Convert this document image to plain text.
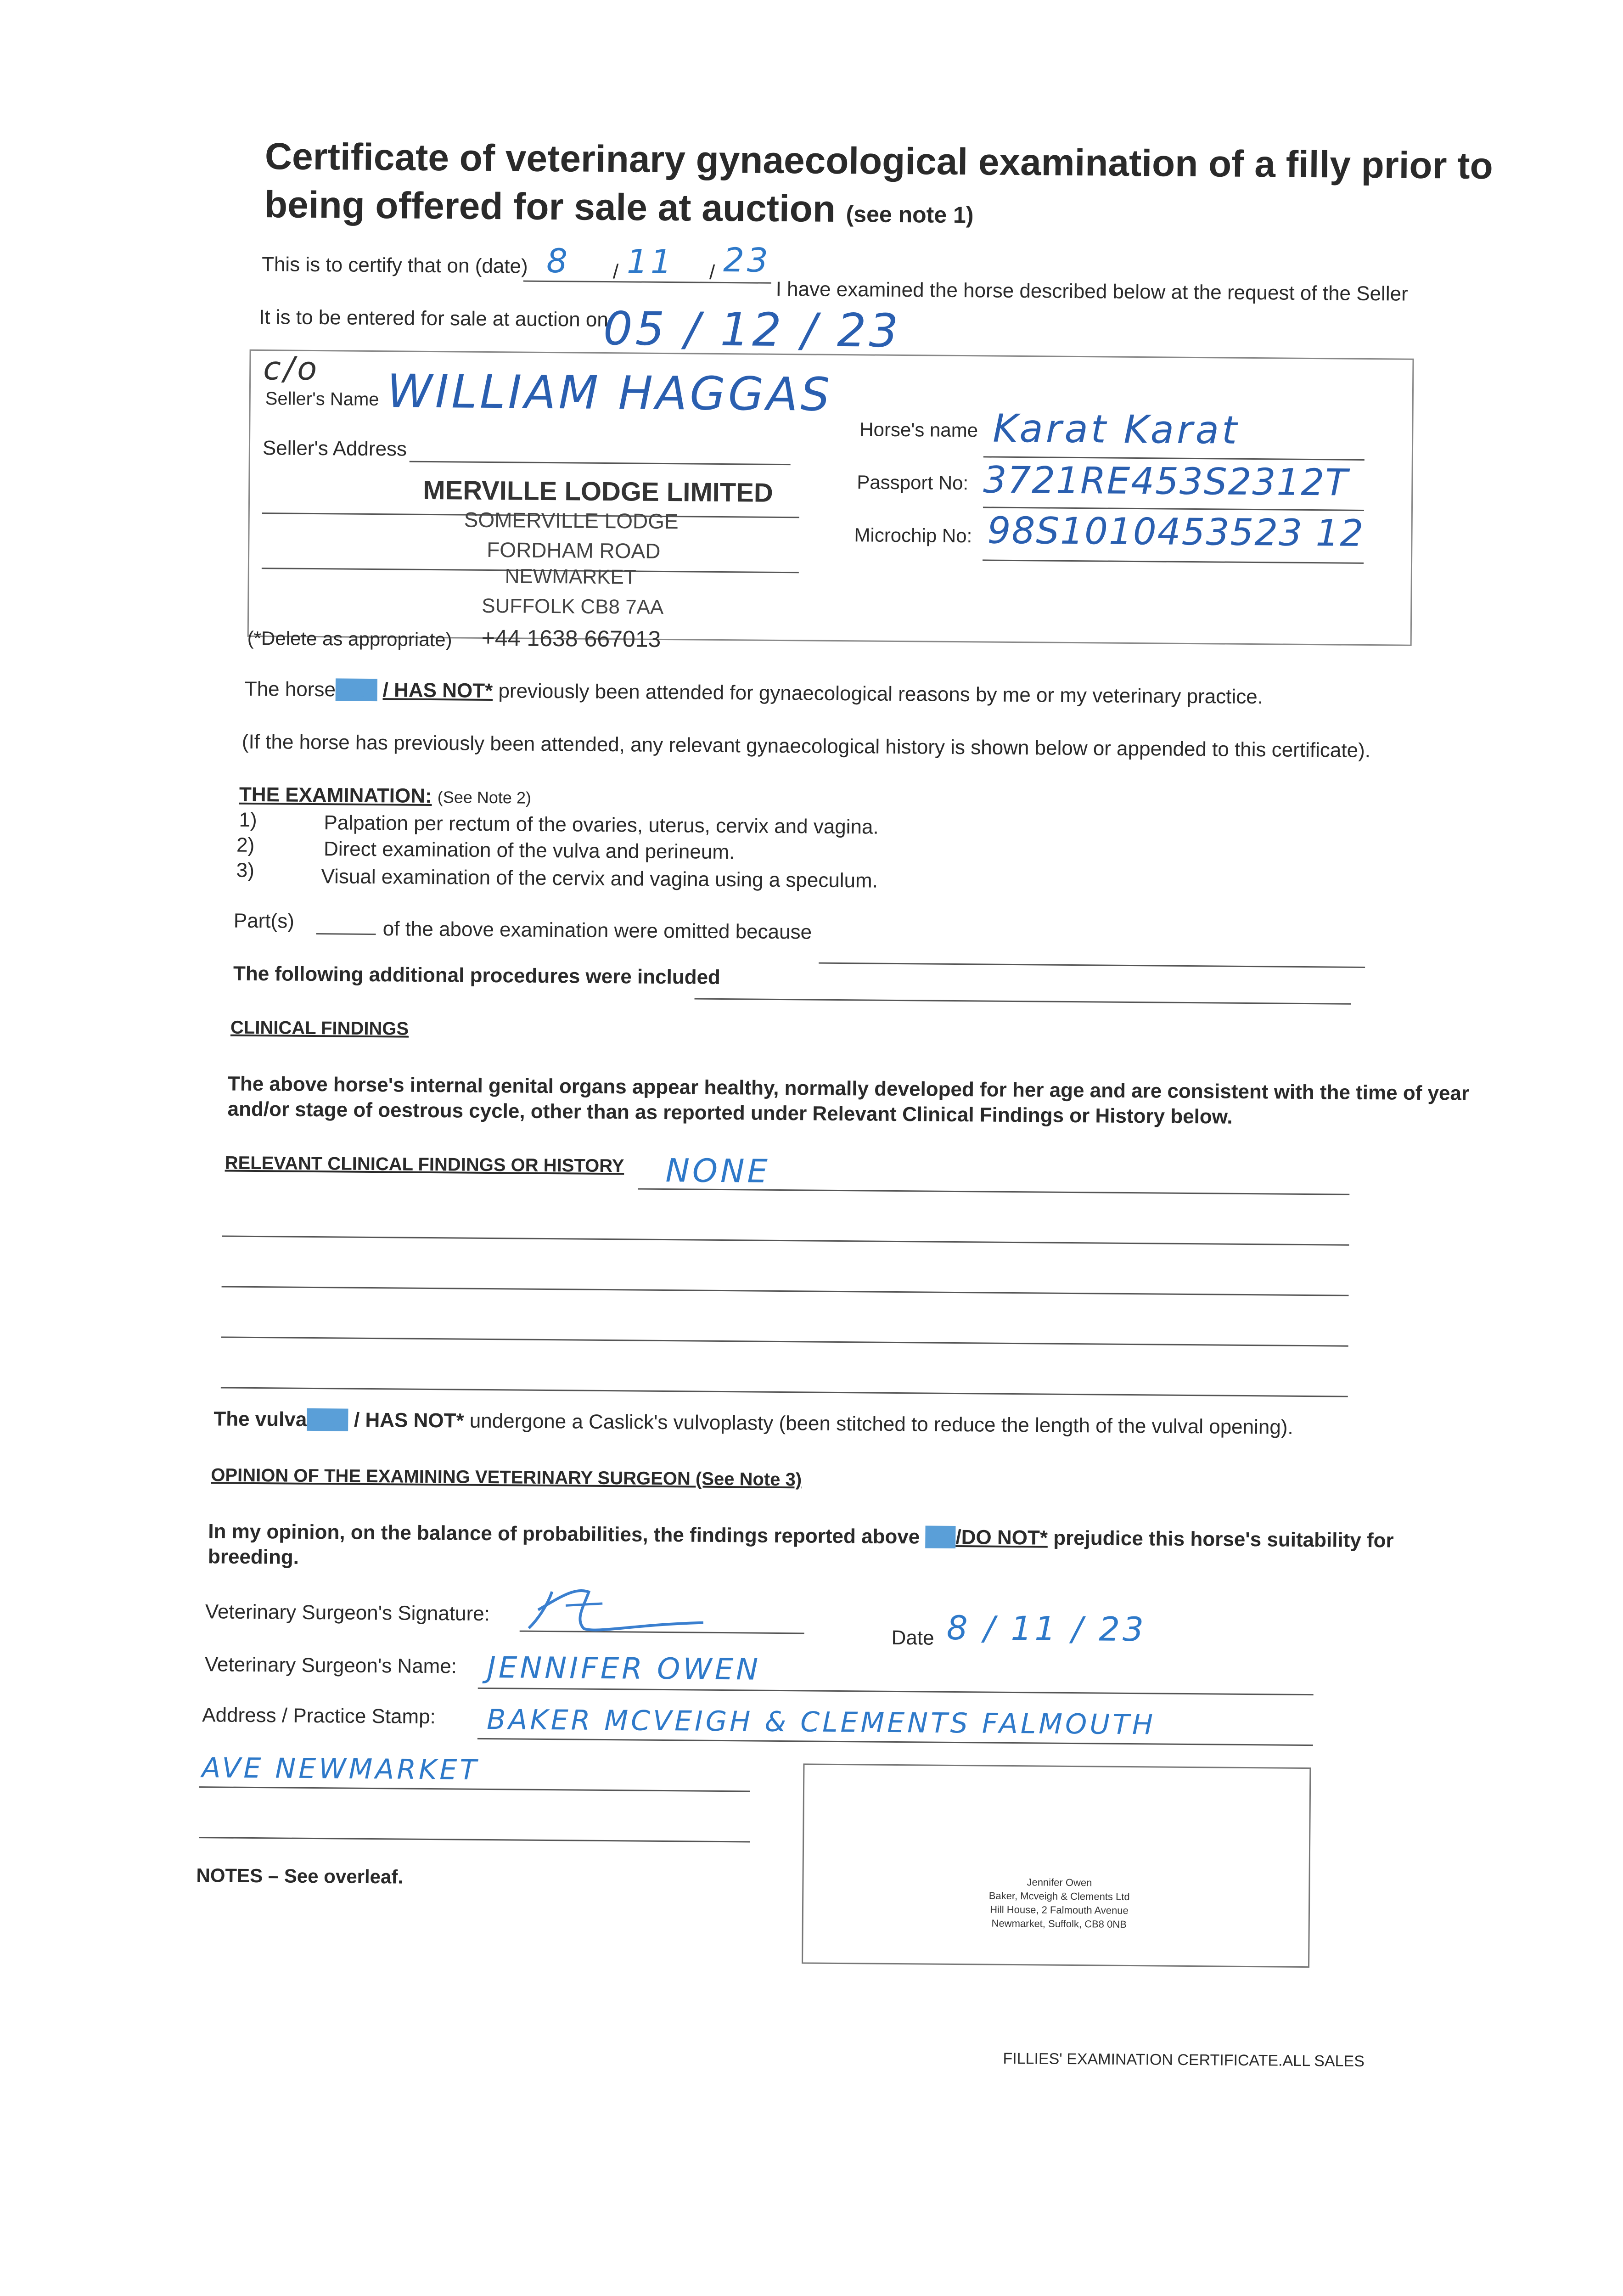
Certificate of veterinary gynaecological examination of a filly prior to
being offered for sale at auction (see note 1)
This is to certify that on (date) 8 / 11 / 23
I have examined the horse described below at the request of the Seller
It is to be entered for sale at auction on
05 / 12 / 23
c/o
Seller's Name WILLIAM HAGGAS
Seller's Address
MERVILLE LODGE LIMITED
SOMERVILLE LODGE
FORDHAM ROAD
NEWMARKET
SUFFOLK CB8 7AA
(*Delete as appropriate) +44 1638 667013
Horse's name Karat Karat
Passport No: 3721RE453S2312T
Microchip No: 98S1010453523 12
The horseHAS / HAS NOT* previously been attended for gynaecological reasons by me or my veterinary practice.
(If the horse has previously been attended, any relevant gynaecological history is shown below or appended to this certificate).
THE EXAMINATION: (See Note 2)
1)	Palpation per rectum of the ovaries, uterus, cervix and vagina.
2)	Direct examination of the vulva and perineum.
3)	Visual examination of the cervix and vagina using a speculum.
Part(s)	of the above examination were omitted because
The following additional procedures were included
CLINICAL FINDINGS
The above horse's internal genital organs appear healthy, normally developed for her age and are consistent with the time of year
and/or stage of oestrous cycle, other than as reported under Relevant Clinical Findings or History below.
RELEVANT CLINICAL FINDINGS OR HISTORY NONE
The vulvaHAS / HAS NOT* undergone a Caslick's vulvoplasty (been stitched to reduce the length of the vulval opening).
OPINION OF THE EXAMINING VETERINARY SURGEON (See Note 3)
In my opinion, on the balance of probabilities, the findings reported above DO/DO NOT* prejudice this horse's suitability for
breeding.
Veterinary Surgeon's Signature:
Date 8 / 11 / 23
Veterinary Surgeon's Name: JENNIFER OWEN
Address / Practice Stamp: BAKER MCVEIGH & CLEMENTS FALMOUTH
AVE NEWMARKET
Jennifer Owen
Baker, Mcveigh & Clements Ltd
Hill House, 2 Falmouth Avenue
Newmarket, Suffolk, CB8 0NB
NOTES – See overleaf.
FILLIES' EXAMINATION CERTIFICATE.ALL SALES
